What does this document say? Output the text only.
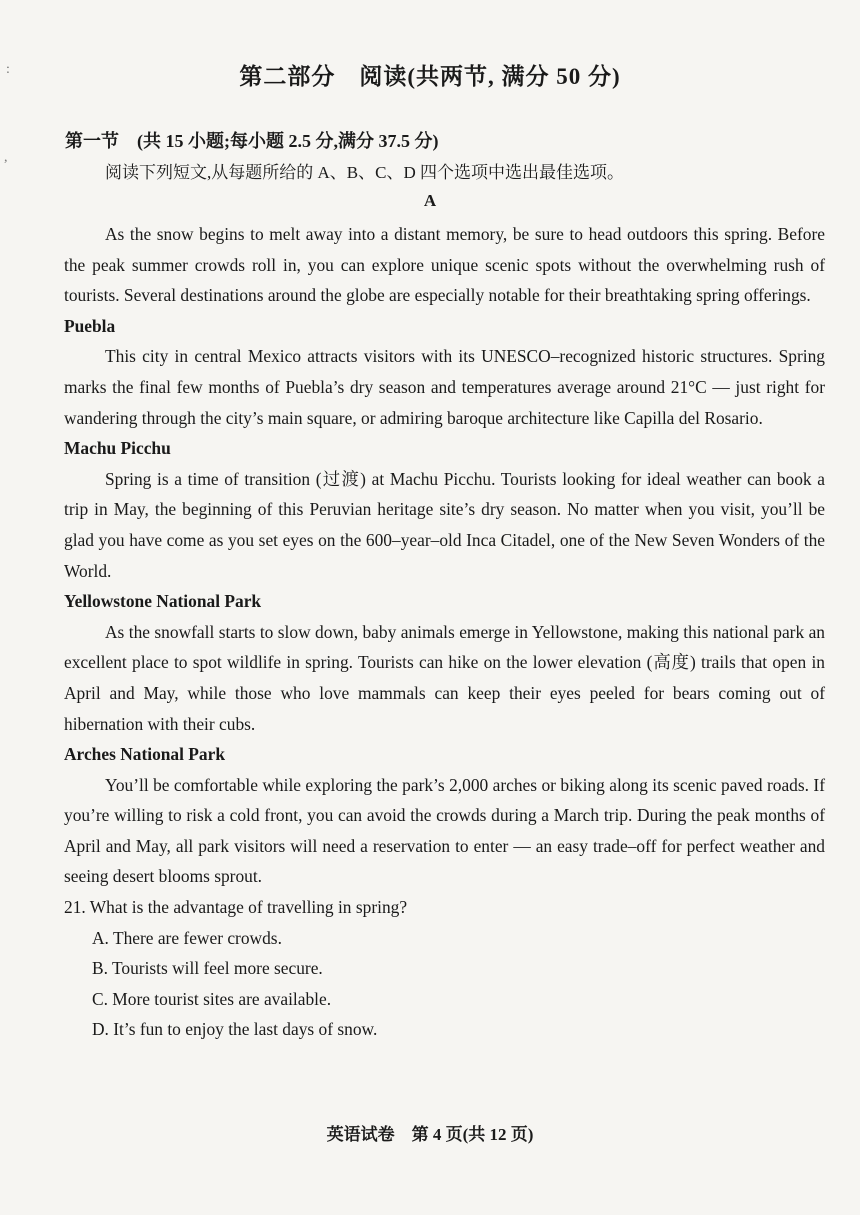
:
,
第二部分　阅读(共两节, 满分 50 分)
第一节　(共 15 小题;每小题 2.5 分,满分 37.5 分)
阅读下列短文,从每题所给的 A、B、C、D 四个选项中选出最佳选项。
A

As the snow begins to melt away into a distant memory, be sure to head outdoors this spring. Before the peak summer crowds roll in, you can explore unique scenic spots without the overwhelming rush of tourists. Several destinations around the globe are especially notable for their breathtaking spring offerings.

Puebla

This city in central Mexico attracts visitors with its UNESCO–recognized historic structures. Spring marks the final few months of Puebla’s dry season and temperatures average around 21°C — just right for wandering through the city’s main square, or admiring baroque architecture like Capilla del Rosario.

Machu Picchu

Spring is a time of transition (过渡) at Machu Picchu. Tourists looking for ideal weather can book a trip in May, the beginning of this Peruvian heritage site’s dry season. No matter when you visit, you’ll be glad you have come as you set eyes on the 600–year–old Inca Citadel, one of the New Seven Wonders of the World.

Yellowstone National Park

As the snowfall starts to slow down, baby animals emerge in Yellowstone, making this national park an excellent place to spot wildlife in spring. Tourists can hike on the lower elevation (高度) trails that open in April and May, while those who love mammals can keep their eyes peeled for bears coming out of hibernation with their cubs.

Arches National Park

You’ll be comfortable while exploring the park’s 2,000 arches or biking along its scenic paved roads. If you’re willing to risk a cold front, you can avoid the crowds during a March trip. During the peak months of April and May, all park visitors will need a reservation to enter — an easy trade–off for perfect weather and seeing desert blooms sprout.

21. What is the advantage of travelling in spring?
A. There are fewer crowds.
B. Tourists will feel more secure.
C. More tourist sites are available.
D. It’s fun to enjoy the last days of snow.
英语试卷　第 4 页(共 12 页)
